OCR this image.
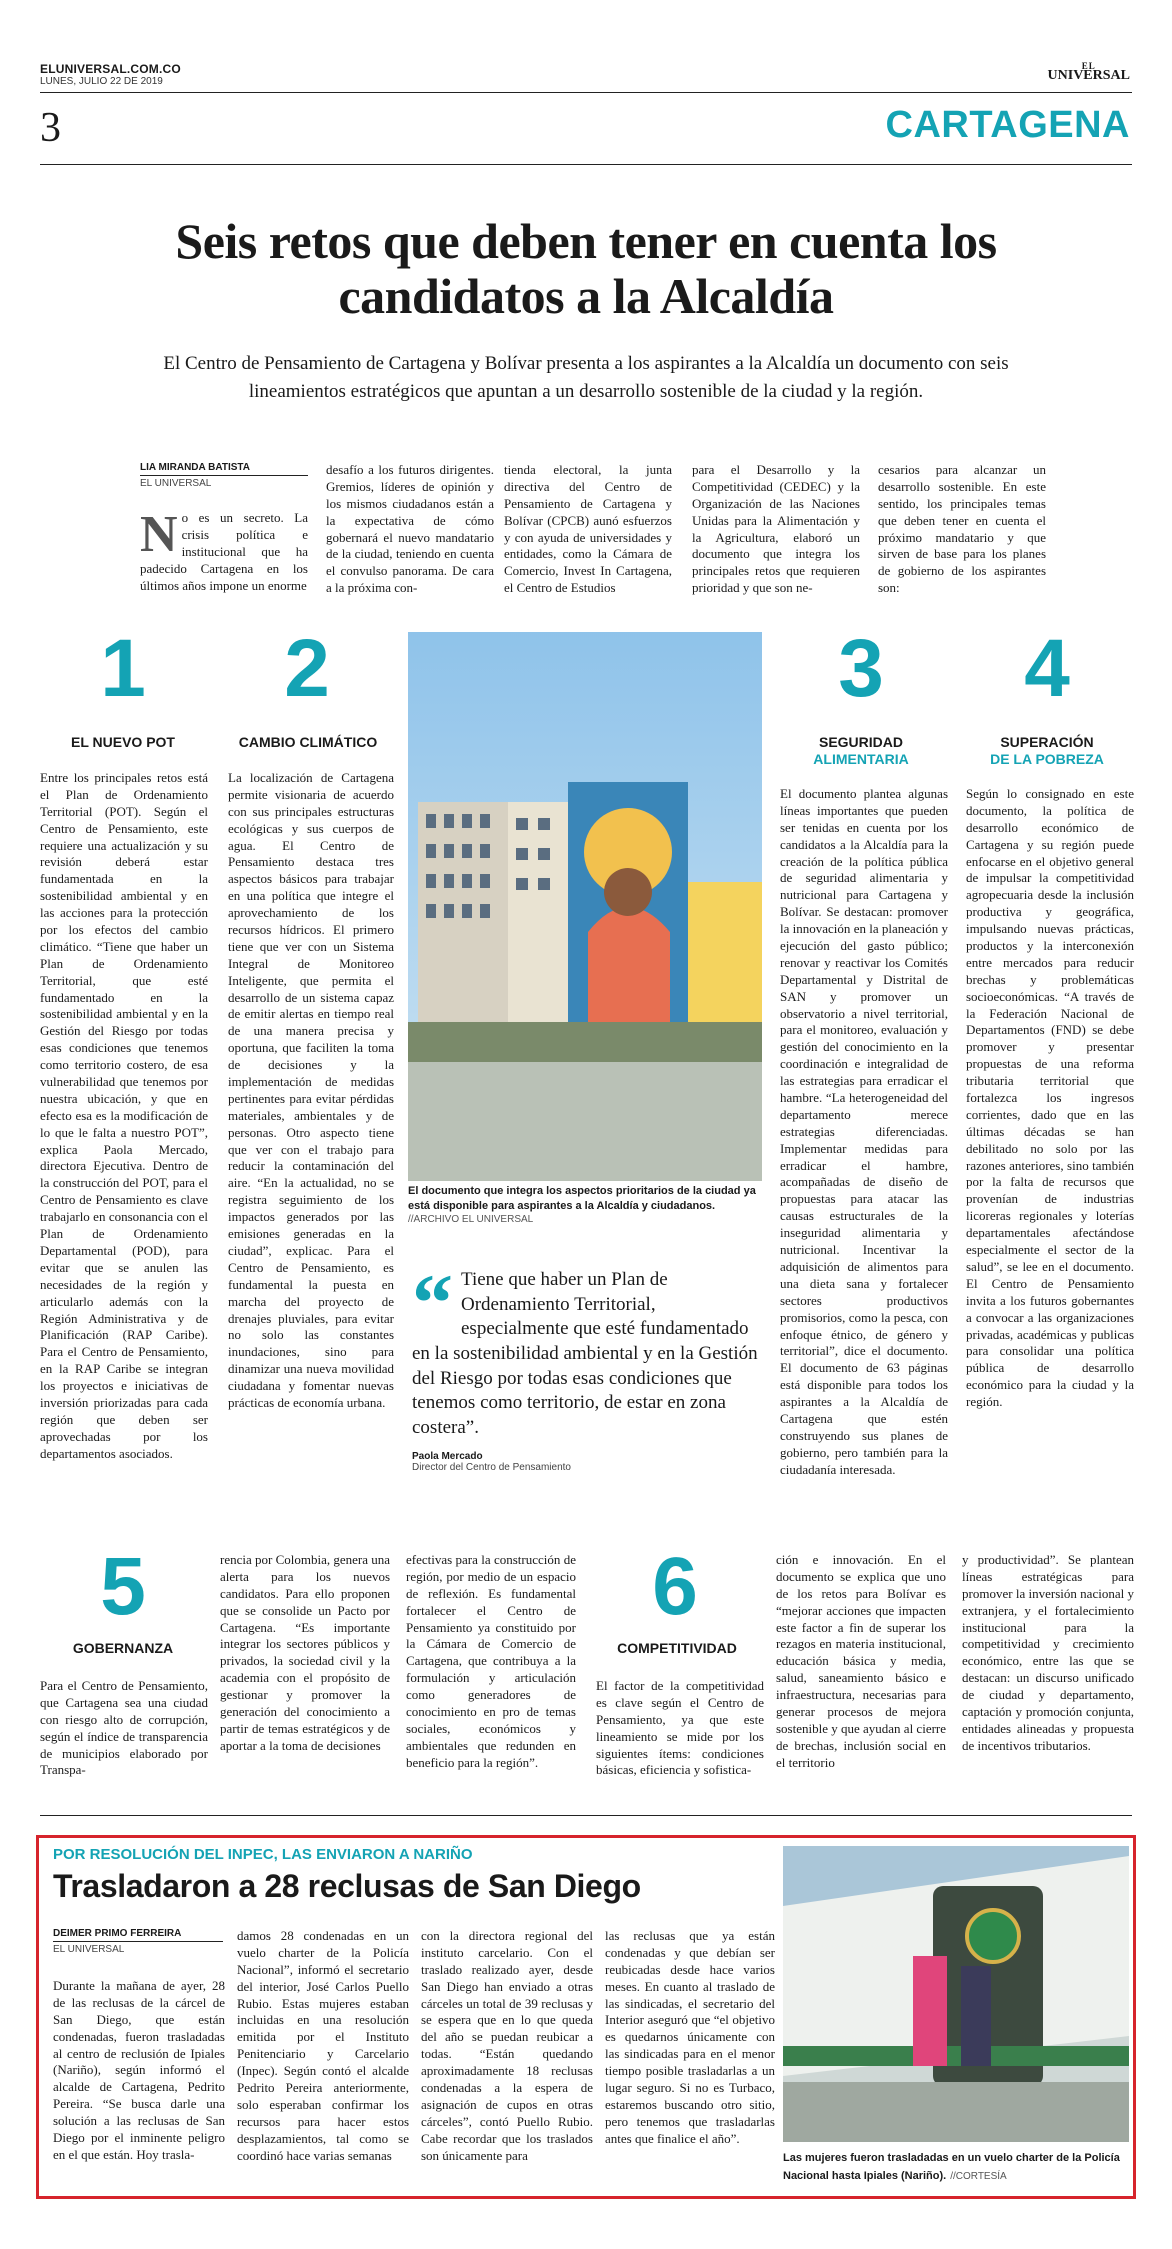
ELUNIVERSAL.COM.CO
LUNES, JULIO 22 DE 2019
EL
UNIVERSAL
3	CARTAGENA
Seis retos que deben tener en cuenta los candidatos a la Alcaldía

El Centro de Pensamiento de Cartagena y Bolívar presenta a los aspirantes a la Alcaldía un documento con seis lineamientos estratégicos que apuntan a un desarrollo sostenible de la ciudad y la región.

LIA MIRANDA BATISTA
EL UNIVERSAL
No es un secreto. La crisis política e institucional que ha padecido Cartagena en los últimos años impone un enorme
desafío a los futuros dirigentes. Gremios, líderes de opinión y los mismos ciudadanos están a la expectativa de cómo gobernará el nuevo mandatario de la ciudad, teniendo en cuenta el convulso panorama. De cara a la próxima con-
tienda electoral, la junta directiva del Centro de Pensamiento de Cartagena y Bolívar (CPCB) aunó esfuerzos y con ayuda de universidades y entidades, como la Cámara de Comercio, Invest In Cartagena, el Centro de Estudios
para el Desarrollo y la Competitividad (CEDEC) y la Organización de las Naciones Unidas para la Alimentación y la Agricultura, elaboró un documento que integra los principales retos que requieren prioridad y que son ne-
cesarios para alcanzar un desarrollo sostenible. En este sentido, los principales temas que deben tener en cuenta el próximo mandatario y que sirven de base para los planes de gobierno de los aspirantes son:
1
EL NUEVO POT
Entre los principales retos está el Plan de Ordenamiento Territorial (POT). Según el Centro de Pensamiento, este requiere una actualización y su revisión deberá estar fundamentada en la sostenibilidad ambiental y en las acciones para la protección por los efectos del cambio climático. “Tiene que haber un Plan de Ordenamiento Territorial, que esté fundamentado en la sostenibilidad ambiental y en la Gestión del Riesgo por todas esas condiciones que tenemos como territorio costero, de esa vulnerabilidad que tenemos por nuestra ubicación, y que en efecto esa es la modificación de lo que le falta a nuestro POT”, explica Paola Mercado, directora Ejecutiva. Dentro de la construcción del POT, para el Centro de Pensamiento es clave trabajarlo en consonancia con el Plan de Ordenamiento Departamental (POD), para evitar que se anulen las necesidades de la región y articularlo además con la Región Administrativa y de Planificación (RAP Caribe). Para el Centro de Pensamiento, en la RAP Caribe se integran los proyectos e iniciativas de inversión priorizadas para cada región que deben ser aprovechadas por los departamentos asociados.
2
CAMBIO CLIMÁTICO
La localización de Cartagena permite visionaria de acuerdo con sus principales estructuras ecológicas y sus cuerpos de agua. El Centro de Pensamiento destaca tres aspectos básicos para trabajar en una política que integre el aprovechamiento de los recursos hídricos. El primero tiene que ver con un Sistema Integral de Monitoreo Inteligente, que permita el desarrollo de un sistema capaz de emitir alertas en tiempo real de una manera precisa y oportuna, que faciliten la toma de decisiones y la implementación de medidas pertinentes para evitar pérdidas materiales, ambientales y de personas. Otro aspecto tiene que ver con el trabajo para reducir la contaminación del aire. “En la actualidad, no se registra seguimiento de los impactos generados por las emisiones generadas en la ciudad”, explicac. Para el Centro de Pensamiento, es fundamental la puesta en marcha del proyecto de drenajes pluviales, para evitar no solo las constantes inundaciones, sino para dinamizar una nueva movilidad ciudadana y fomentar nuevas prácticas de economía urbana.
El documento que integra los aspectos prioritarios de la ciudad ya está disponible para aspirantes a la Alcaldía y ciudadanos.
//ARCHIVO EL UNIVERSAL
“ Tiene que haber un Plan de Ordenamiento Territorial, especialmente que esté fundamentado en la sostenibilidad ambiental y en la Gestión del Riesgo por todas esas condiciones que tenemos como territorio, de estar en zona costera”.
Paola Mercado
Director del Centro de Pensamiento
3
SEGURIDAD
ALIMENTARIA
El documento plantea algunas líneas importantes que pueden ser tenidas en cuenta por los candidatos a la Alcaldía para la creación de la política pública de seguridad alimentaria y nutricional para Cartagena y Bolívar. Se destacan: promover la innovación en la planeación y ejecución del gasto público; renovar y reactivar los Comités Departamental y Distrital de SAN y promover un observatorio a nivel territorial, para el monitoreo, evaluación y gestión del conocimiento en la coordinación e integralidad de las estrategias para erradicar el hambre. “La heterogeneidad del departamento merece estrategias diferenciadas. Implementar medidas para erradicar el hambre, acompañadas de diseño de propuestas para atacar las causas estructurales de la inseguridad alimentaria y nutricional. Incentivar la adquisición de alimentos para una dieta sana y fortalecer sectores productivos promisorios, como la pesca, con enfoque étnico, de género y territorial”, dice el documento. El documento de 63 páginas está disponible para todos los aspirantes a la Alcaldía de Cartagena que estén construyendo sus planes de gobierno, pero también para la ciudadanía interesada.
4
SUPERACIÓN
DE LA POBREZA
Según lo consignado en este documento, la política de desarrollo económico de Cartagena y su región puede enfocarse en el objetivo general de impulsar la competitividad agropecuaria desde la inclusión productiva y geográfica, impulsando nuevas prácticas, productos y la interconexión entre mercados para reducir brechas y problemáticas socioeconómicas. “A través de la Federación Nacional de Departamentos (FND) se debe promover y presentar propuestas de una reforma tributaria territorial que fortalezca los ingresos corrientes, dado que en las últimas décadas se han debilitado no solo por las razones anteriores, sino también por la falta de recursos que provenían de industrias licoreras regionales y loterías departamentales afectándose especialmente el sector de la salud”, se lee en el documento. El Centro de Pensamiento invita a los futuros gobernantes a convocar a las organizaciones privadas, académicas y publicas para consolidar una política pública de desarrollo económico para la ciudad y la región.
5
GOBERNANZA
Para el Centro de Pensamiento, que Cartagena sea una ciudad con riesgo alto de corrupción, según el índice de transparencia de municipios elaborado por Transpa-
rencia por Colombia, genera una alerta para los nuevos candidatos. Para ello proponen que se consolide un Pacto por Cartagena. “Es importante integrar los sectores públicos y privados, la sociedad civil y la academia con el propósito de gestionar y promover la generación del conocimiento a partir de temas estratégicos y de aportar a la toma de decisiones
efectivas para la construcción de región, por medio de un espacio de reflexión. Es fundamental fortalecer el Centro de Pensamiento ya constituido por la Cámara de Comercio de Cartagena, que contribuya a la formulación y articulación como generadores de conocimiento en pro de temas sociales, económicos y ambientales que redunden en beneficio para la región”.
6
COMPETITIVIDAD
El factor de la competitividad es clave según el Centro de Pensamiento, ya que este lineamiento se mide por los siguientes ítems: condiciones básicas, eficiencia y sofistica-
ción e innovación. En el documento se explica que uno de los retos para Bolívar es “mejorar acciones que impacten este factor a fin de superar los rezagos en materia institucional, educación básica y media, salud, saneamiento básico e infraestructura, necesarias para generar procesos de mejora sostenible y que ayudan al cierre de brechas, inclusión social en el territorio
y productividad”. Se plantean líneas estratégicas para promover la inversión nacional y extranjera, y el fortalecimiento institucional para la competitividad y crecimiento económico, entre las que se destacan: un discurso unificado de ciudad y departamento, captación y promoción conjunta, entidades alineadas y propuesta de incentivos tributarios.
POR RESOLUCIÓN DEL INPEC, LAS ENVIARON A NARIÑO
Trasladaron a 28 reclusas de San Diego
DEIMER PRIMO FERREIRA
EL UNIVERSAL
Durante la mañana de ayer, 28 de las reclusas de la cárcel de San Diego, que están condenadas, fueron trasladadas al centro de reclusión de Ipiales (Nariño), según informó el alcalde de Cartagena, Pedrito Pereira. “Se busca darle una solución a las reclusas de San Diego por el inminente peligro en el que están. Hoy trasla-
damos 28 condenadas en un vuelo charter de la Policía Nacional”, informó el secretario del interior, José Carlos Puello Rubio. Estas mujeres estaban incluidas en una resolución emitida por el Instituto Penitenciario y Carcelario (Inpec). Según contó el alcalde Pedrito Pereira anteriormente, solo esperaban confirmar los recursos para hacer estos desplazamientos, tal como se coordinó hace varias semanas
con la directora regional del instituto carcelario. Con el traslado realizado ayer, desde San Diego han enviado a otras cárceles un total de 39 reclusas y se espera que en lo que queda del año se puedan reubicar a todas. “Están quedando aproximadamente 18 reclusas condenadas a la espera de asignación de cupos en otras cárceles”, contó Puello Rubio. Cabe recordar que los traslados son únicamente para
las reclusas que ya están condenadas y que debían ser reubicadas desde hace varios meses. En cuanto al traslado de las sindicadas, el secretario del Interior aseguró que “el objetivo es quedarnos únicamente con las sindicadas para en el menor tiempo posible trasladarlas a un lugar seguro. Si no es Turbaco, estaremos buscando otro sitio, pero tenemos que trasladarlas antes que finalice el año”.
Las mujeres fueron trasladadas en un vuelo charter de la Policía Nacional hasta Ipiales (Nariño). //CORTESÍA
